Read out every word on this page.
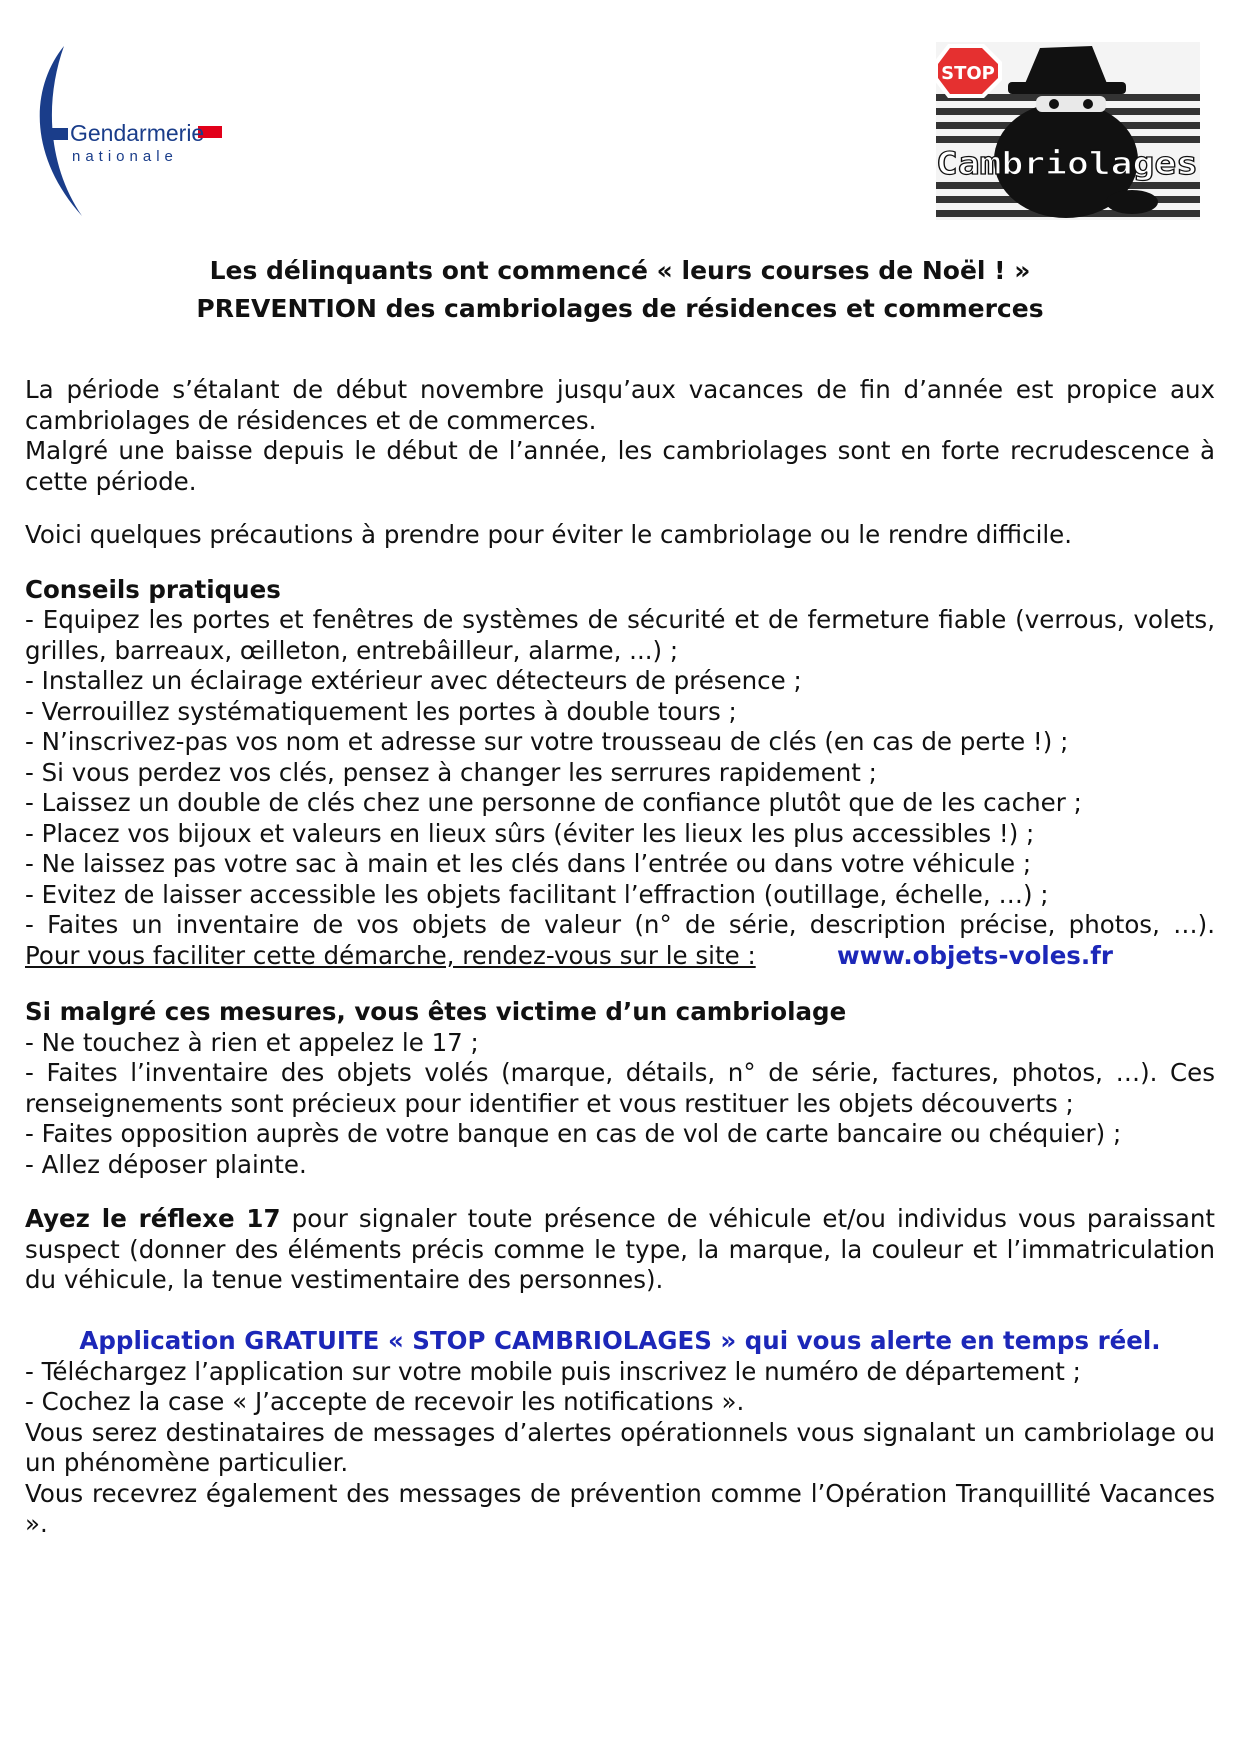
Gendarmerie
nationale
STOP
Cambriolages
Les délinquants ont commencé « leurs courses de Noël ! »
PREVENTION des cambriolages de résidences et commerces
La période s’étalant de début novembre jusqu’aux vacances de fin d’année est propice aux cambriolages de résidences et de commerces.
Malgré une baisse depuis le début de l’année, les cambriolages sont en forte recrudescence à cette période.
Voici quelques précautions à prendre pour éviter le cambriolage ou le rendre difficile.
Conseils pratiques
- Equipez les portes et fenêtres de systèmes de sécurité et de fermeture fiable (verrous, volets, grilles, barreaux, œilleton, entrebâilleur, alarme, ...) ;
- Installez un éclairage extérieur avec détecteurs de présence ;
- Verrouillez systématiquement les portes à double tours ;
- N’inscrivez-pas vos nom et adresse sur votre trousseau de clés (en cas de perte !) ;
- Si vous perdez vos clés, pensez à changer les serrures rapidement ;
- Laissez un double de clés chez une personne de confiance plutôt que de les cacher ;
- Placez vos bijoux et valeurs en lieux sûrs (éviter les lieux les plus accessibles !) ;
- Ne laissez pas votre sac à main et les clés dans l’entrée ou dans votre véhicule ;
- Evitez de laisser accessible les objets facilitant l’effraction (outillage, échelle, …) ;
- Faites un inventaire de vos objets de valeur (n° de série, description précise, photos, …).
Pour vous faciliter cette démarche, rendez-vous sur le site :	www.objets-voles.fr
Si malgré ces mesures, vous êtes victime d’un cambriolage
- Ne touchez à rien et appelez le 17 ;
- Faites l’inventaire des objets volés (marque, détails, n° de série, factures, photos, …). Ces renseignements sont précieux pour identifier et vous restituer les objets découverts ;
- Faites opposition auprès de votre banque en cas de vol de carte bancaire ou chéquier) ;
- Allez déposer plainte.
Ayez le réflexe 17 pour signaler toute présence de véhicule et/ou individus vous paraissant suspect (donner des éléments précis comme le type, la marque, la couleur et l’immatriculation du véhicule, la tenue vestimentaire des personnes).
Application GRATUITE « STOP CAMBRIOLAGES » qui vous alerte en temps réel.
- Téléchargez l’application sur votre mobile puis inscrivez le numéro de département ;
- Cochez la case « J’accepte de recevoir les notifications ».
Vous serez destinataires de messages d’alertes opérationnels vous signalant un cambriolage ou un phénomène particulier.
Vous recevrez également des messages de prévention comme l’Opération Tranquillité Vacances ».
